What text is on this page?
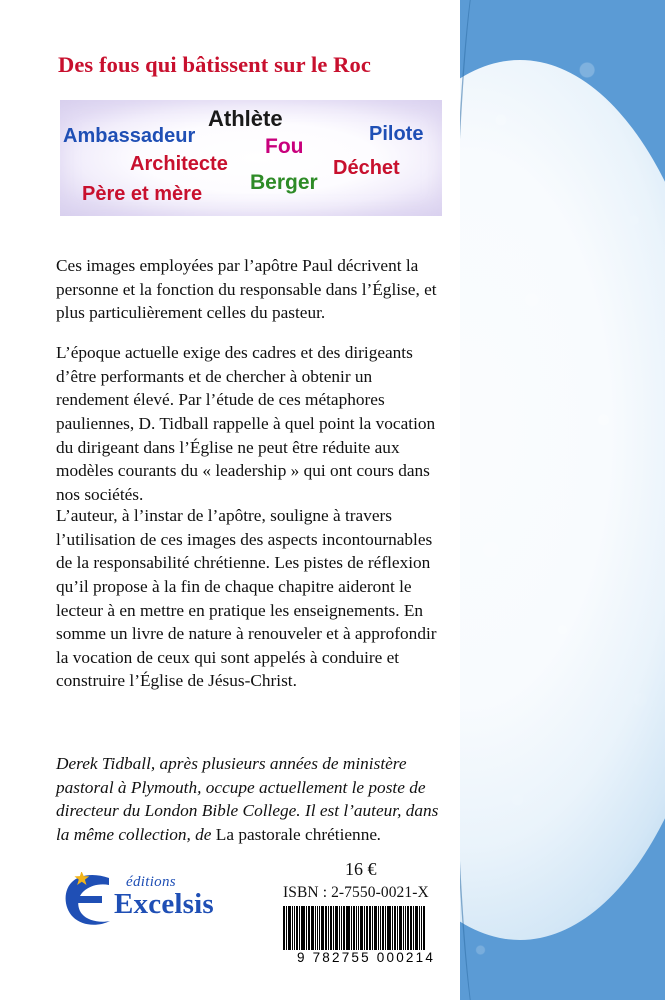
Des fous qui bâtissent sur le Roc
Athlète
Ambassadeur	Pilote
Fou
Architecte	Déchet
Berger
Père et mère

Ces images employées par l’apôtre Paul décrivent la personne et la fonction du responsable dans l’Église, et plus particulièrement celles du pasteur.

L’époque actuelle exige des cadres et des dirigeants d’être performants et de chercher à obtenir un rendement élevé. Par l’étude de ces métaphores pauliennes, D. Tidball rappelle à quel point la vocation du dirigeant dans l’Église ne peut être réduite aux modèles courants du « leadership » qui ont cours dans nos sociétés.

L’auteur, à l’instar de l’apôtre, souligne à travers l’utilisation de ces images des aspects incontournables de la responsabilité chrétienne. Les pistes de réflexion qu’il propose à la fin de chaque chapitre aideront le lecteur à en mettre en pratique les enseignements. En somme un livre de nature à renouveler et à approfondir la vocation de ceux qui sont appelés à conduire et construire l’Église de Jésus-Christ.

Derek Tidball, après plusieurs années de ministère pastoral à Plymouth, occupe actuellement le poste de directeur du London Bible College. Il est l’auteur, dans la même collection, de La pastorale chrétienne.

éditions
Excelsis
16 €
ISBN : 2-7550-0021-X
9 782755 000214
